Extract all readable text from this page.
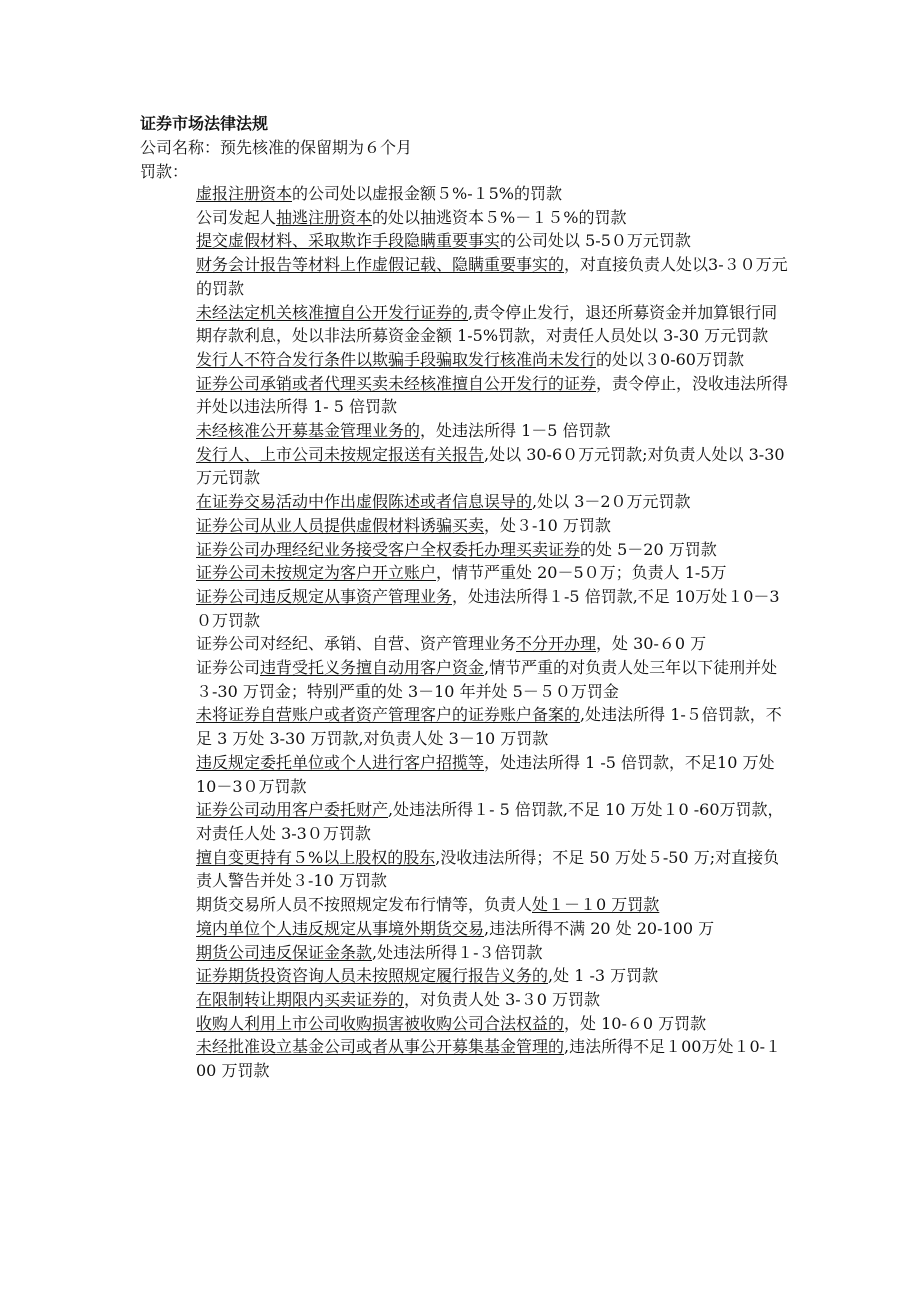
证券市场法律法规
公司名称：预先核准的保留期为６个月
罚款：
虚报注册资本的公司处以虚报金额５%-１5%的罚款
公司发起人抽逃注册资本的处以抽逃资本５%－１５%的罚款
提交虚假材料、采取欺诈手段隐瞒重要事实的公司处以 5-5０万元罚款
财务会计报告等材料上作虚假记载、隐瞒重要事实的，对直接负责人处以3-３０万元的罚款
未经法定机关核准擅自公开发行证券的,责令停止发行，退还所募资金并加算银行同期存款利息，处以非法所募资金金额 1-5%罚款，对责任人员处以 3-30 万元罚款
发行人不符合发行条件以欺骗手段骗取发行核准尚未发行的处以３0-60万罚款
证券公司承销或者代理买卖未经核准擅自公开发行的证券，责令停止，没收违法所得并处以违法所得 1- 5 倍罚款
未经核准公开募基金管理业务的，处违法所得 1－5 倍罚款
发行人、上市公司未按规定报送有关报告,处以 30-6０万元罚款;对负责人处以 3-30 万元罚款
在证券交易活动中作出虚假陈述或者信息误导的,处以 3－2０万元罚款
证券公司从业人员提供虚假材料诱骗买卖，处３-10 万罚款
证券公司办理经纪业务接受客户全权委托办理买卖证券的处 5－20 万罚款
证券公司未按规定为客户开立账户，情节严重处 20－5０万；负责人 1-5万
证券公司违反规定从事资产管理业务，处违法所得１-5 倍罚款,不足 10万处１0－3０万罚款
证券公司对经纪、承销、自营、资产管理业务不分开办理，处 30-６0 万
证券公司违背受托义务擅自动用客户资金,情节严重的对负责人处三年以下徒刑并处３-30 万罚金；特别严重的处 3－10 年并处 5－５０万罚金
未将证券自营账户或者资产管理客户的证券账户备案的,处违法所得 1-５倍罚款，不足 3 万处 3-30 万罚款,对负责人处 3－10 万罚款
违反规定委托单位或个人进行客户招揽等，处违法所得 1 -5 倍罚款，不足10 万处 10－3０万罚款
证券公司动用客户委托财产,处违法所得１- 5 倍罚款,不足 10 万处１0 -60万罚款，对责任人处 3-3０万罚款
擅自变更持有５%以上股权的股东,没收违法所得；不足 50 万处５-50 万;对直接负责人警告并处３-10 万罚款
期货交易所人员不按照规定发布行情等，负责人处１－１0 万罚款
境内单位个人违反规定从事境外期货交易,违法所得不满 20 处 20-100 万
期货公司违反保证金条款,处违法所得１-３倍罚款
证券期货投资咨询人员未按照规定履行报告义务的,处 1 -3 万罚款
在限制转让期限内买卖证券的，对负责人处 3-３0 万罚款
收购人利用上市公司收购损害被收购公司合法权益的，处 10-６0 万罚款
未经批准设立基金公司或者从事公开募集基金管理的,违法所得不足１00万处１0-１00 万罚款
